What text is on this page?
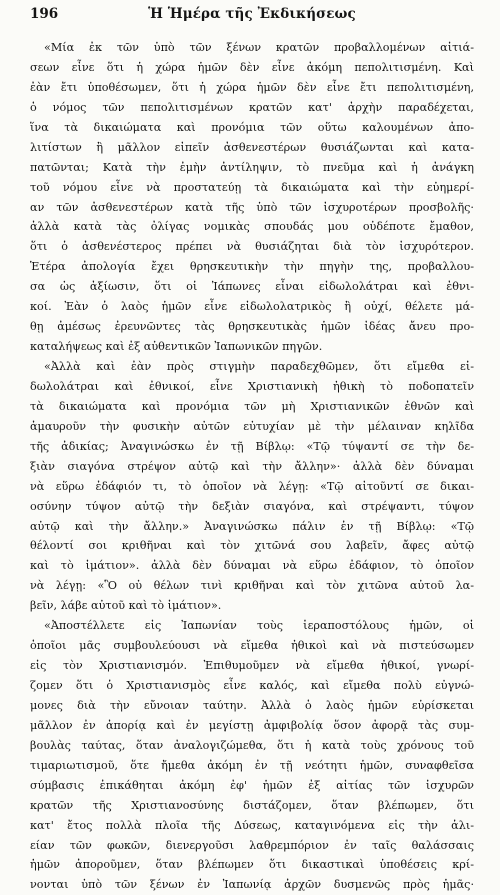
196	Ἡ Ἡμέρα τῆς Ἐκδικήσεως
«Μία ἐκ τῶν ὑπὸ τῶν ξένων κρατῶν προβαλλομένων αἰτιά-
σεων εἶνε ὅτι ἡ χώρα ἡμῶν δὲν εἶνε ἀκόμη πεπολιτισμένη. Καὶ
ἐὰν ἔτι ὑποθέσωμεν, ὅτι ἡ χώρα ἡμῶν δὲν εἶνε ἔτι πεπολιτισμένη,
ὁ νόμος τῶν πεπολιτισμένων κρατῶν κατ' ἀρχὴν παραδέχεται,
ἵνα τὰ δικαιώματα καὶ προνόμια τῶν οὕτω καλουμένων ἀπο-
λιτίστων ἢ μᾶλλον εἰπεῖν ἀσθενεστέρων θυσιάζωνται καὶ κατα-
πατῶνται; Κατὰ τὴν ἐμὴν ἀντίληψιν, τὸ πνεῦμα καὶ ἡ ἀνάγκη
τοῦ νόμου εἶνε νὰ προστατεύῃ τὰ δικαιώματα καὶ τὴν εὐημερί-
αν τῶν ἀσθενεστέρων κατὰ τῆς ὑπὸ τῶν ἰσχυροτέρων προσβολῆς·
ἀλλὰ κατὰ τὰς ὀλίγας νομικὰς σπουδάς μου οὐδέποτε ἔμαθον,
ὅτι ὁ ἀσθενέστερος πρέπει νὰ θυσιάζηται διὰ τὸν ἰσχυρότερον.
Ἑτέρα ἀπολογία ἔχει θρησκευτικὴν τὴν πηγὴν της, προβαλλου-
σα ὡς ἀξίωσιν, ὅτι οἱ Ἰάπωνες εἶναι εἰδωλολάτραι καὶ ἐθνι-
κοί. Ἐὰν ὁ λαὸς ἡμῶν εἶνε εἰδωλολατρικὸς ἢ οὐχί, θέλετε μά-
θῃ ἀμέσως ἐρευνῶντες τὰς θρησκευτικὰς ἡμῶν ἰδέας ἄνευ προ-
καταλήψεως καὶ ἐξ αὐθεντικῶν Ἰαπωνικῶν πηγῶν.
«Ἀλλὰ καὶ ἐὰν πρὸς στιγμὴν παραδεχθῶμεν, ὅτι εἴμεθα εἰ-
δωλολάτραι καὶ ἐθνικοί, εἶνε Χριστιανικὴ ἠθικὴ τὸ ποδοπατεῖν
τὰ δικαιώματα καὶ προνόμια τῶν μὴ Χριστιανικῶν ἐθνῶν καὶ
ἀμαυροῦν τὴν φυσικὴν αὐτῶν εὐτυχίαν μὲ τὴν μέλαιναν κηλῖδα
τῆς ἀδικίας; Ἀναγινώσκω ἐν τῇ Βίβλῳ: «Τῷ τύψαντί σε τὴν δε-
ξιὰν σιαγόνα στρέψον αὐτῷ καὶ τὴν ἄλλην»· ἀλλὰ δὲν δύναμαι
νὰ εὕρω ἐδάφιόν τι, τὸ ὁποῖον νὰ λέγῃ: «Τῷ αἰτοῦντί σε δικαι-
οσύνην τύψον αὐτῷ τὴν δεξιὰν σιαγόνα, καὶ στρέψαντι, τύψον
αὐτῷ καὶ τὴν ἄλλην.» Ἀναγινώσκω πάλιν ἐν τῇ Βίβλῳ: «Τῷ
θέλοντί σοι κριθῆναι καὶ τὸν χιτῶνά σου λαβεῖν, ἄφες αὐτῷ
καὶ τὸ ἱμάτιον». ἀλλὰ δὲν δύναμαι νὰ εὕρω ἐδάφιον, τὸ ὁποῖον
νὰ λέγῃ: «Ὃ οὐ θέλων τινὶ κριθῆναι καὶ τὸν χιτῶνα αὐτοῦ λα-
βεῖν, λάβε αὐτοῦ καὶ τὸ ἱμάτιον».
«Ἀποστέλλετε εἰς Ἰαπωνίαν τοὺς ἱεραποστόλους ἡμῶν, οἱ
ὁποῖοι μᾶς συμβουλεύουσι νὰ εἴμεθα ἠθικοὶ καὶ νὰ πιστεύσωμεν
εἰς τὸν Χριστιανισμόν. Ἐπιθυμοῦμεν νὰ εἴμεθα ἠθικοί, γνωρί-
ζομεν ὅτι ὁ Χριστιανισμὸς εἶνε καλός, καὶ εἴμεθα πολὺ εὐγνώ-
μονες διὰ τὴν εὔνοιαν ταύτην. Ἀλλὰ ὁ λαὸς ἡμῶν εὑρίσκεται
μᾶλλον ἐν ἀπορίᾳ καὶ ἐν μεγίστῃ ἀμφιβολίᾳ ὅσον ἀφορᾷ τὰς συμ-
βουλὰς ταύτας, ὅταν ἀναλογιζώμεθα, ὅτι ἡ κατὰ τοὺς χρόνους τοῦ
τιμαριωτισμοῦ, ὅτε ἤμεθα ἀκόμη ἐν τῇ νεότητι ἡμῶν, συναφθεῖσα
σύμβασις ἐπικάθηται ἀκόμη ἐφ' ἡμῶν ἐξ αἰτίας τῶν ἰσχυρῶν
κρατῶν τῆς Χριστιανοσύνης διστάζομεν, ὅταν βλέπωμεν, ὅτι
κατ' ἔτος πολλὰ πλοῖα τῆς Δύσεως, καταγινόμενα εἰς τὴν ἁλι-
είαν τῶν φωκῶν, διενεργοῦσι λαθρεμπόριον ἐν ταῖς θαλάσσαις
ἡμῶν ἀποροῦμεν, ὅταν βλέπωμεν ὅτι δικαστικαὶ ὑποθέσεις κρί-
νονται ὑπὸ τῶν ξένων ἐν Ἰαπωνίᾳ ἀρχῶν δυσμενῶς πρὸς ἡμᾶς·
